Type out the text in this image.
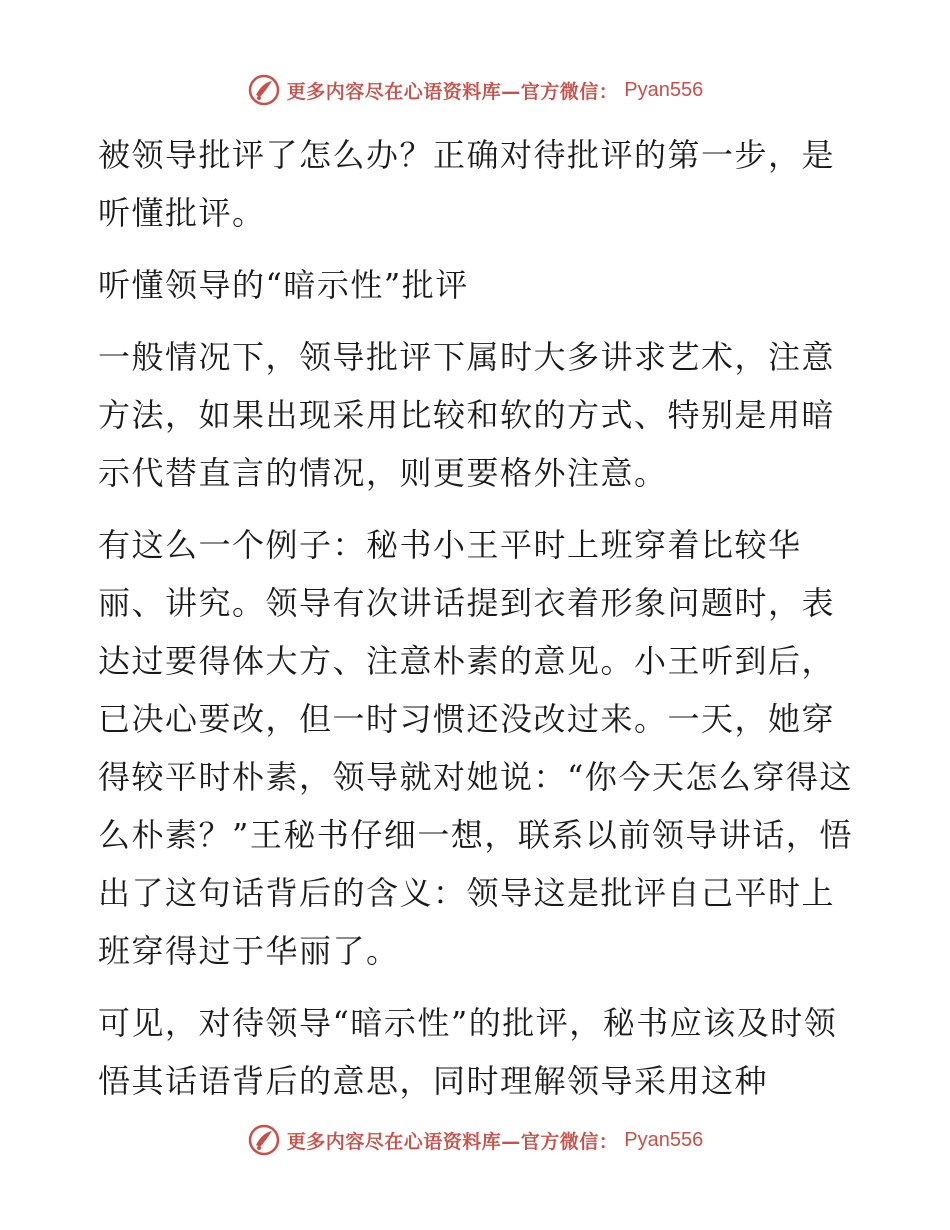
更多内容尽在心语资料库—官方微信： Pyan556

被领导批评了怎么办？正确对待批评的第一步，是听懂批评。

听懂领导的“暗示性”批评

一般情况下，领导批评下属时大多讲求艺术，注意方法，如果出现采用比较和软的方式、特别是用暗示代替直言的情况，则更要格外注意。

有这么一个例子：秘书小王平时上班穿着比较华丽、讲究。领导有次讲话提到衣着形象问题时，表达过要得体大方、注意朴素的意见。小王听到后，已决心要改，但一时习惯还没改过来。一天，她穿得较平时朴素，领导就对她说：“你今天怎么穿得这么朴素？”王秘书仔细一想，联系以前领导讲话，悟出了这句话背后的含义：领导这是批评自己平时上班穿得过于华丽了。

可见，对待领导“暗示性”的批评，秘书应该及时领悟其话语背后的意思，同时理解领导采用这种

更多内容尽在心语资料库—官方微信： Pyan556
